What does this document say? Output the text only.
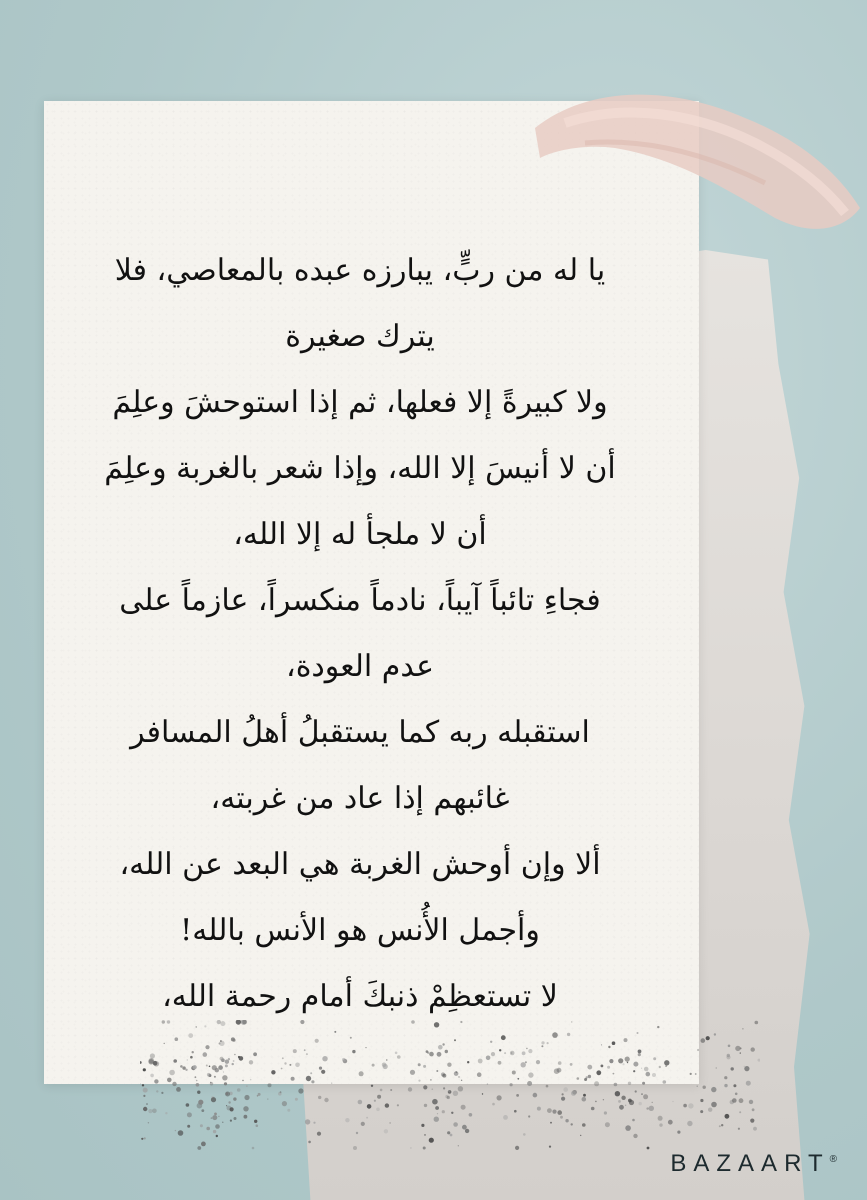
يا له من ربٍّ، يبارزه عبده بالمعاصي، فلا
يترك صغيرة
ولا كبيرةً إلا فعلها، ثم إذا استوحشَ وعلِمَ
أن لا أنيسَ إلا الله، وإذا شعر بالغربة وعلِمَ
أن لا ملجأ له إلا الله،
فجاءِ تائباً آيباً، نادماً منكسراً، عازماً على
عدم العودة،
استقبله ربه كما يستقبلُ أهلُ المسافر
غائبهم إذا عاد من غربته،
ألا وإن أوحش الغربة هي البعد عن الله،
وأجمل الأُنس هو الأنس بالله!
لا تستعظِمْ ذنبكَ أمام رحمة الله،
BAZAART®
